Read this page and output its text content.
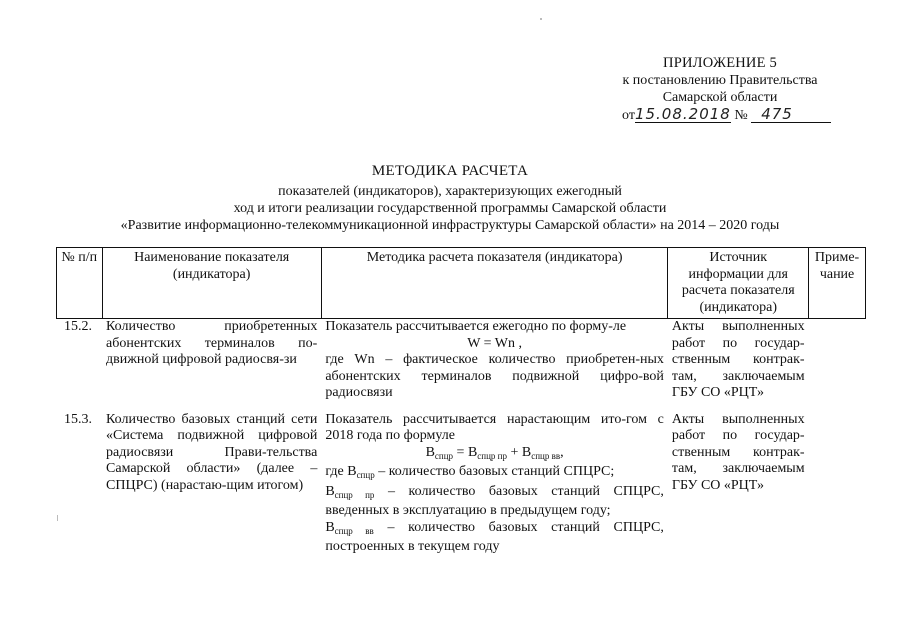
ПРИЛОЖЕНИЕ 5
к постановлению Правительства
Самарской области
от15.08.2018 № 475
МЕТОДИКА РАСЧЕТА
показателей (индикаторов), характеризующих ежегодный
ход и итоги реализации государственной программы Самарской области
«Развитие информационно-телекоммуникационной инфраструктуры Самарской области» на 2014 – 2020 годы
№ п/п	Наименование показателя (индикатора)	Методика расчета показателя (индикатора)	Источник информации для расчета показателя (индикатора)	Приме-чание
15.2.	Количество приобретенных абонентских терминалов по-движной цифровой радиосвя-зи	Показатель рассчитывается ежегодно по форму-ле
W = Wn ,
где Wn – фактическое количество приобретен-ных абонентских терминалов подвижной цифро-вой радиосвязи	Акты выполненных работ по государ-ственным контрак-там, заключаемым ГБУ СО «РЦТ»	

15.3.	Количество базовых станций сети «Система подвижной цифровой радиосвязи Прави-тельства Самарской области» (далее – СПЦРС) (нарастаю-щим итогом)	Показатель рассчитывается нарастающим ито-гом с 2018 года по формуле
$B_{спцр} = B_{спцр пр} + B_{спцр вв}$,
где $B_{спцр}$ – количество базовых станций СПЦРС;
$B_{спцр пр}$ – количество базовых станций СПЦРС, введенных в эксплуатацию в предыдущем году;
$B_{спцр вв}$ – количество базовых станций СПЦРС, построенных в текущем году	Акты выполненных работ по государ-ственным контрак-там, заключаемым ГБУ СО «РЦТ»	
